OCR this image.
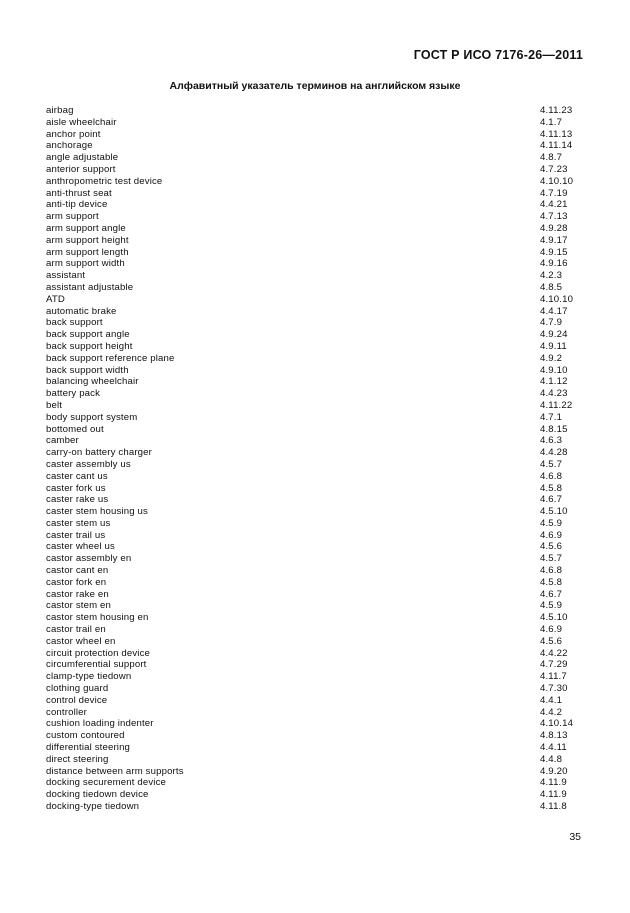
ГОСТ Р ИСО 7176-26—2011
Алфавитный указатель терминов на английском языке
airbag	4.11.23
aisle wheelchair	4.1.7
anchor point	4.11.13
anchorage	4.11.14
angle adjustable	4.8.7
anterior support	4.7.23
anthropometric test device	4.10.10
anti-thrust seat	4.7.19
anti-tip device	4.4.21
arm support	4.7.13
arm support angle	4.9.28
arm support height	4.9.17
arm support length	4.9.15
arm support width	4.9.16
assistant	4.2.3
assistant adjustable	4.8.5
ATD	4.10.10
automatic brake	4.4.17
back support	4.7.9
back support angle	4.9.24
back support height	4.9.11
back support reference plane	4.9.2
back support width	4.9.10
balancing wheelchair	4.1.12
battery pack	4.4.23
belt	4.11.22
body support system	4.7.1
bottomed out	4.8.15
camber	4.6.3
carry-on battery charger	4.4.28
caster assembly us	4.5.7
caster cant us	4.6.8
caster fork us	4.5.8
caster rake us	4.6.7
caster stem housing us	4.5.10
caster stem us	4.5.9
caster trail us	4.6.9
caster wheel us	4.5.6
castor assembly en	4.5.7
castor cant en	4.6.8
castor fork en	4.5.8
castor rake en	4.6.7
castor stem en	4.5.9
castor stem housing en	4.5.10
castor trail en	4.6.9
castor wheel en	4.5.6
circuit protection device	4.4.22
circumferential support	4.7.29
clamp-type tiedown	4.11.7
clothing guard	4.7.30
control device	4.4.1
controller	4.4.2
cushion loading indenter	4.10.14
custom contoured	4.8.13
differential steering	4.4.11
direct steering	4.4.8
distance between arm supports	4.9.20
docking securement device	4.11.9
docking tiedown device	4.11.9
docking-type tiedown	4.11.8
35
